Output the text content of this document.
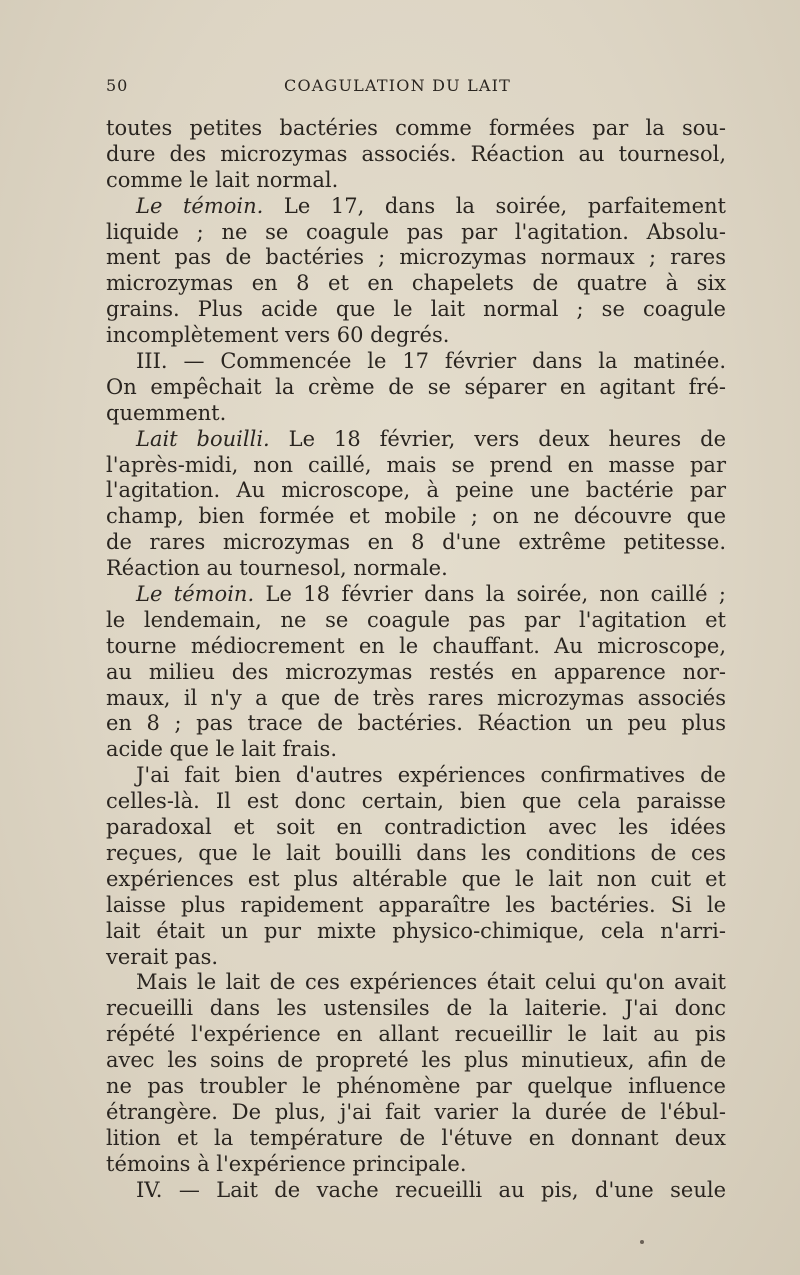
50	COAGULATION DU LAIT
toutes petites bactéries comme formées par la sou-
dure des microzymas associés. Réaction au tournesol,
comme le lait normal.
Le témoin. Le 17, dans la soirée, parfaitement
liquide ; ne se coagule pas par l'agitation. Absolu-
ment pas de bactéries ; microzymas normaux ; rares
microzymas en 8 et en chapelets de quatre à six
grains. Plus acide que le lait normal ; se coagule
incomplètement vers 60 degrés.
III. — Commencée le 17 février dans la matinée.
On empêchait la crème de se séparer en agitant fré-
quemment.
Lait bouilli. Le 18 février, vers deux heures de
l'après-midi, non caillé, mais se prend en masse par
l'agitation. Au microscope, à peine une bactérie par
champ, bien formée et mobile ; on ne découvre que
de rares microzymas en 8 d'une extrême petitesse.
Réaction au tournesol, normale.
Le témoin. Le 18 février dans la soirée, non caillé ;
le lendemain, ne se coagule pas par l'agitation et
tourne médiocrement en le chauffant. Au microscope,
au milieu des microzymas restés en apparence nor-
maux, il n'y a que de très rares microzymas associés
en 8 ; pas trace de bactéries. Réaction un peu plus
acide que le lait frais.
J'ai fait bien d'autres expériences confirmatives de
celles-là. Il est donc certain, bien que cela paraisse
paradoxal et soit en contradiction avec les idées
reçues, que le lait bouilli dans les conditions de ces
expériences est plus altérable que le lait non cuit et
laisse plus rapidement apparaître les bactéries. Si le
lait était un pur mixte physico-chimique, cela n'arri-
verait pas.
Mais le lait de ces expériences était celui qu'on avait
recueilli dans les ustensiles de la laiterie. J'ai donc
répété l'expérience en allant recueillir le lait au pis
avec les soins de propreté les plus minutieux, afin de
ne pas troubler le phénomène par quelque influence
étrangère. De plus, j'ai fait varier la durée de l'ébul-
lition et la température de l'étuve en donnant deux
témoins à l'expérience principale.
IV. — Lait de vache recueilli au pis, d'une seule
